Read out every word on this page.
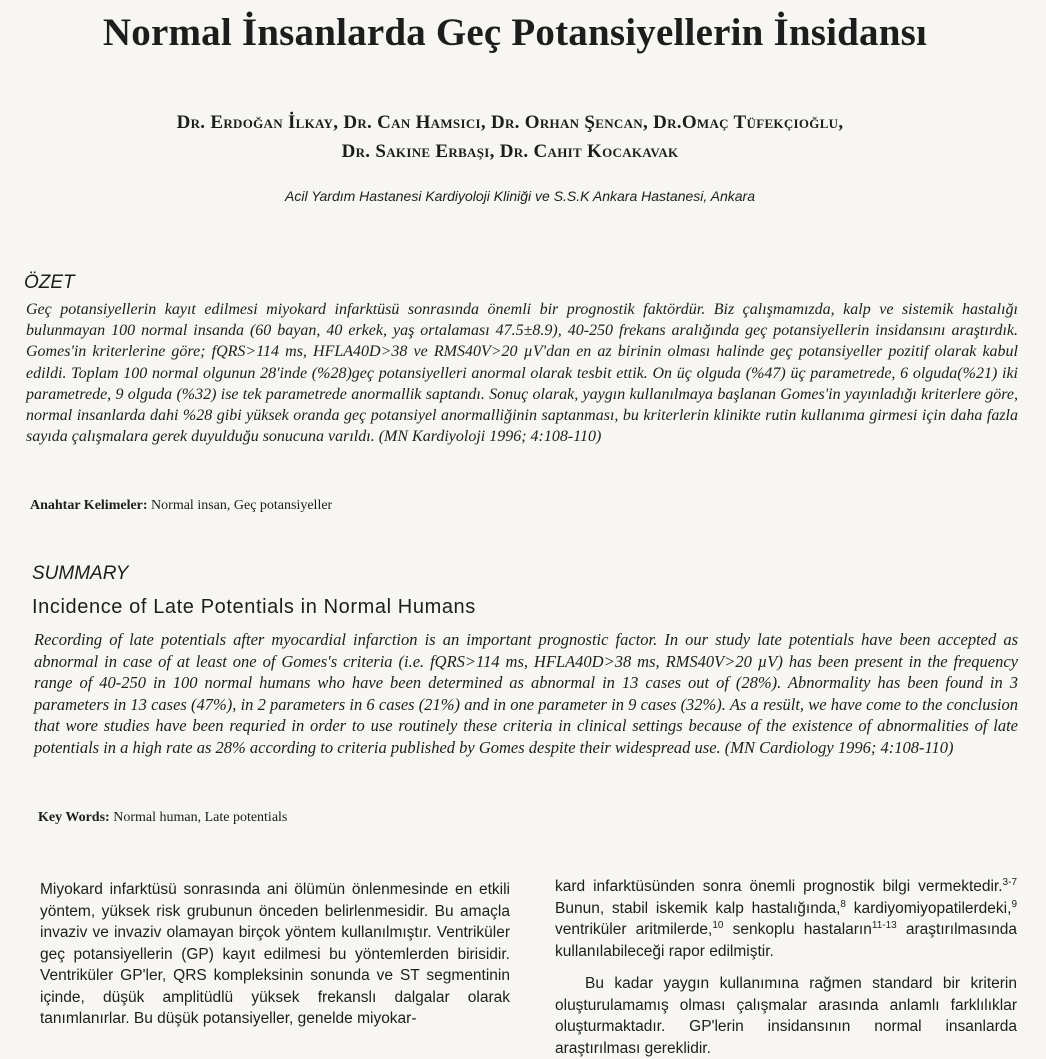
Normal İnsanlarda Geç Potansiyellerin İnsidansı
Dr. Erdoğan İlkay, Dr. Can Hamsici, Dr. Orhan Şencan, Dr.Omaç Tüfekçioğlu,
Dr. Sakine Erbaşi, Dr. Cahit Kocakavak
Acil Yardım Hastanesi Kardiyoloji Kliniği ve S.S.K Ankara Hastanesi, Ankara
ÖZET
Geç potansiyellerin kayıt edilmesi miyokard infarktüsü sonrasında önemli bir prognostik faktördür. Biz çalışmamızda, kalp ve sistemik hastalığı bulunmayan 100 normal insanda (60 bayan, 40 erkek, yaş ortalaması 47.5±8.9), 40-250 frekans aralığında geç potansiyellerin insidansını araştırdık. Gomes'in kriterlerine göre; fQRS>114 ms, HFLA40D>38 ve RMS40V>20 µV'dan en az birinin olması halinde geç potansiyeller pozitif olarak kabul edildi. Toplam 100 normal olgunun 28'inde (%28)geç potansiyelleri anormal olarak tesbit ettik. On üç olguda (%47) üç parametrede, 6 olguda(%21) iki parametrede, 9 olguda (%32) ise tek parametrede anormallik saptandı. Sonuç olarak, yaygın kullanılmaya başlanan Gomes'in yayınladığı kriterlere göre, normal insanlarda dahi %28 gibi yüksek oranda geç potansiyel anormalliğinin saptanması, bu kriterlerin klinikte rutin kullanıma girmesi için daha fazla sayıda çalışmalara gerek duyulduğu sonucuna varıldı. (MN Kardiyoloji 1996; 4:108-110)
Anahtar Kelimeler: Normal insan, Geç potansiyeller
SUMMARY
Incidence of Late Potentials in Normal Humans
Recording of late potentials after myocardial infarction is an important prognostic factor. In our study late potentials have been accepted as abnormal in case of at least one of Gomes's criteria (i.e. fQRS>114 ms, HFLA40D>38 ms, RMS40V>20 µV) has been present in the frequency range of 40-250 in 100 normal humans who have been determined as abnormal in 13 cases out of (28%). Abnormality has been found in 3 parameters in 13 cases (47%), in 2 parameters in 6 cases (21%) and in one parameter in 9 cases (32%). As a resült, we have come to the conclusion that wore studies have been requried in order to use routinely these criteria in clinical settings because of the existence of abnormalities of late potentials in a high rate as 28% according to criteria published by Gomes despite their widespread use. (MN Cardiology 1996; 4:108-110)
Key Words: Normal human, Late potentials

Miyokard infarktüsü sonrasında ani ölümün önlenmesinde en etkili yöntem, yüksek risk grubunun önceden belirlenmesidir. Bu amaçla invaziv ve invaziv olamayan birçok yöntem kullanılmıştır. Ventriküler geç potansiyellerin (GP) kayıt edilmesi bu yöntemlerden birisidir. Ventriküler GP'ler, QRS kompleksinin sonunda ve ST segmentinin içinde, düşük amplitüdlü yüksek frekanslı dalgalar olarak tanımlanırlar. Bu düşük potansiyeller, genelde miyokar-

kard infarktüsünden sonra önemli prognostik bilgi vermektedir.$^{3-7}$ Bunun, stabil iskemik kalp hastalığında,$^8$ kardiyomiyopatilerdeki,$^9$ ventriküler aritmilerde,$^{10}$ senkoplu hastaların$^{11-13}$ araştırılmasında kullanılabileceği rapor edilmiştir.

Bu kadar yaygın kullanımına rağmen standard bir kriterin oluşturulamamış olması çalışmalar arasında anlamlı farklılıklar oluşturmaktadır. GP'lerin insidansının normal insanlarda araştırılması gereklidir.
